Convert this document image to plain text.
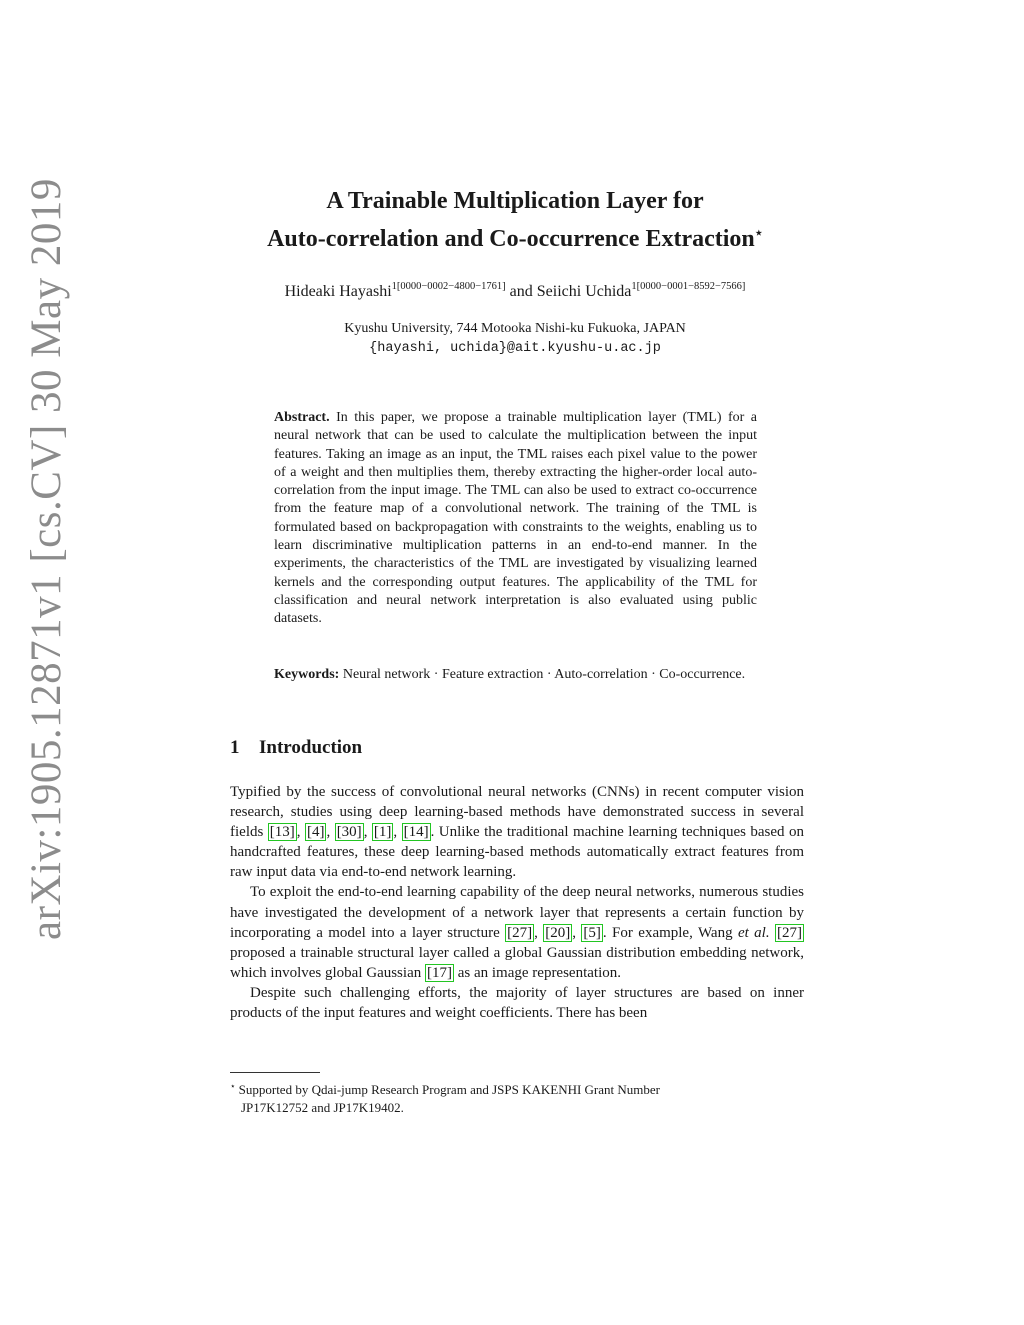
arXiv:1905.12871v1 [cs.CV] 30 May 2019	A Trainable Multiplication Layer for
Auto-correlation and Co-occurrence Extraction⋆
Hideaki Hayashi$^{1[0000-0002-4800-1761]}$ and Seiichi Uchida$^{1[0000-0001-8592-7566]}$
Kyushu University, 744 Motooka Nishi-ku Fukuoka, JAPAN
{hayashi, uchida}@ait.kyushu-u.ac.jp
Abstract. In this paper, we propose a trainable multiplication layer (TML) for a neural network that can be used to calculate the multiplication between the input features. Taking an image as an input, the TML raises each pixel value to the power of a weight and then multiplies them, thereby extracting the higher-order local auto-correlation from the input image. The TML can also be used to extract co-occurrence from the feature map of a convolutional network. The training of the TML is formulated based on backpropagation with constraints to the weights, enabling us to learn discriminative multiplication patterns in an end-to-end manner. In the experiments, the characteristics of the TML are investigated by visualizing learned kernels and the corresponding output features. The applicability of the TML for classification and neural network interpretation is also evaluated using public datasets.
Keywords: Neural network · Feature extraction · Auto-correlation · Co-occurrence.
1 Introduction

Typified by the success of convolutional neural networks (CNNs) in recent computer vision research, studies using deep learning-based methods have demonstrated success in several fields [13] , [4] , [30] , [1] , [14] . Unlike the traditional machine learning techniques based on handcrafted features, these deep learning-based methods automatically extract features from raw input data via end-to-end network learning.

To exploit the end-to-end learning capability of the deep neural networks, numerous studies have investigated the development of a network layer that represents a certain function by incorporating a model into a layer structure [27] , [20] , [5] . For example, Wang et al. [27] proposed a trainable structural layer called a global Gaussian distribution embedding network, which involves global Gaussian [17] as an image representation.

Despite such challenging efforts, the majority of layer structures are based on inner products of the input features and weight coefficients. There has been

⋆ Supported by Qdai-jump Research Program and JSPS KAKENHI Grant Number
JP17K12752 and JP17K19402.
